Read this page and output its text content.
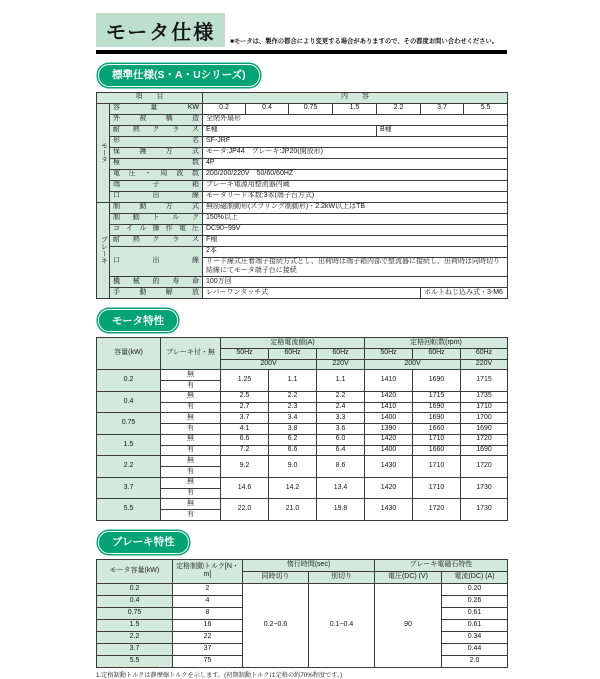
モータ仕様	■モータは、製作の都合により変更する場合がありますので、その都度お問い合わせください。
標準仕様(S・A・Uシリーズ)
項　　目		内　　容						
モータ	容 量 KW	0.2	0.4	0.75	1.5	2.2	3.7	5.5
	外 被 構 造	全閉外扇形						
	耐 熱 ク ラ ス	E種				B種		
	形 名	SF-JRF						
	保 護 方 式	モータ:JP44　ブレーキ:JP20(開放形)						
	極 数	4P						
	電 圧 ・ 周 波 数	200/200/220V　50/60/60HZ						
	端 子 箱	ブレーキ電源用整流器内蔵						
	口 出 線	モータリード本数:3本(端子台方式)						
ブレーキ	制 動 方 式	無励磁制動形(スプリング制動形)・2.2kW以上はTB						
	制 動 ト ル ク	150%以上						
	コ イ ル 操 作 電 圧	DC90~99V						
	耐 熱 ク ラ ス	F種						
	口 出 線	2本						
		リード線式圧着端子接続方式とし、出荷時は端子箱内部で整流器に接続し、出荷時は同時切り結線にてモータ端子台に接続						
	機 械 的 寿 命	100万回						
	手 動 解 放	レバーワンタッチ式					ボルトねじ込み式・3-M6	
モータ特性
容量(kW)	ブレーキ付・無	定格電流値(A)			定格回転数(rpm)		
		50Hz	60Hz	60Hz	50Hz	60Hz	60Hz
		200V		220V	200V		220V
0.2	無	1.25	1.1	1.1	1410	1690	1715
	有						
0.4	無	2.5	2.2	2.2	1420	1715	1735
	有	2.7	2.3	2.4	1410	1690	1710
0.75	無	3.7	3.4	3.3	1400	1690	1700
	有	4.1	3.8	3.6	1390	1660	1690
1.5	無	6.6	6.2	6.0	1420	1710	1720
	有	7.2	6.6	6.4	1400	1660	1690
2.2	無	9.2	9.0	8.6	1430	1710	1720
	有						
3.7	無	14.6	14.2	13.4	1420	1710	1730
	有						
5.5	無	22.0	21.0	19.8	1430	1720	1730
	有						
ブレーキ特性
モータ容量(kW)	定格制動トルク[N・m]	惰行時間(sec)		ブレーキ電磁石特性	
		同時切り	別切り	電圧(DC) (V)	電流(DC) (A)
0.2	2	0.2~0.6	0.1~0.4	90	0.20
0.4	4				0.26
0.75	8				0.61
1.5	16				0.61
2.2	22				0.34
3.7	37				0.44
5.5	75				2.0
1.定格制動トルクは静摩擦トルクを示します。(初期制動トルクは定格の約70%程度です。)
